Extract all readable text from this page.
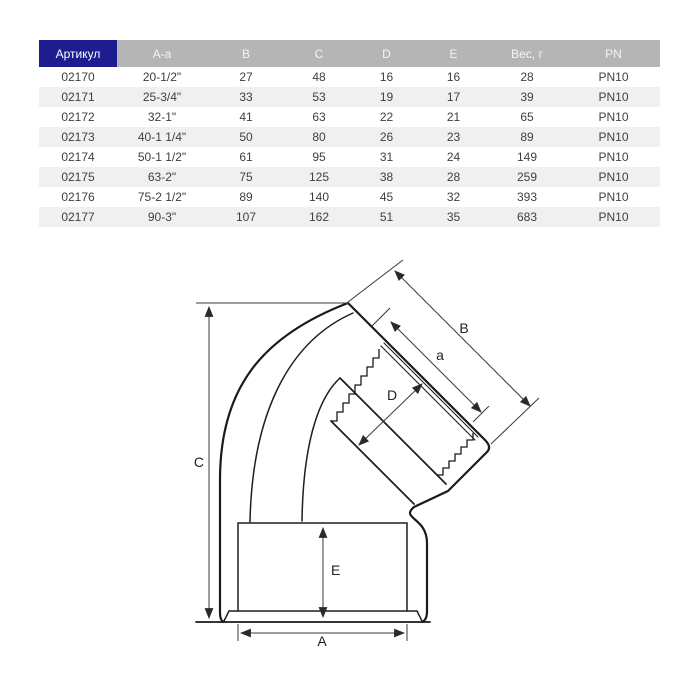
Артикул	A-a	B	C	D	E	Вес, г	PN
02170	20-1/2"	27	48	16	16	28	PN10
02171	25-3/4"	33	53	19	17	39	PN10
02172	32-1"	41	63	22	21	65	PN10
02173	40-1 1/4"	50	80	26	23	89	PN10
02174	50-1 1/2"	61	95	31	24	149	PN10
02175	63-2"	75	125	38	28	259	PN10
02176	75-2 1/2"	89	140	45	32	393	PN10
02177	90-3"	107	162	51	35	683	PN10
C
A
E
B
a
D
